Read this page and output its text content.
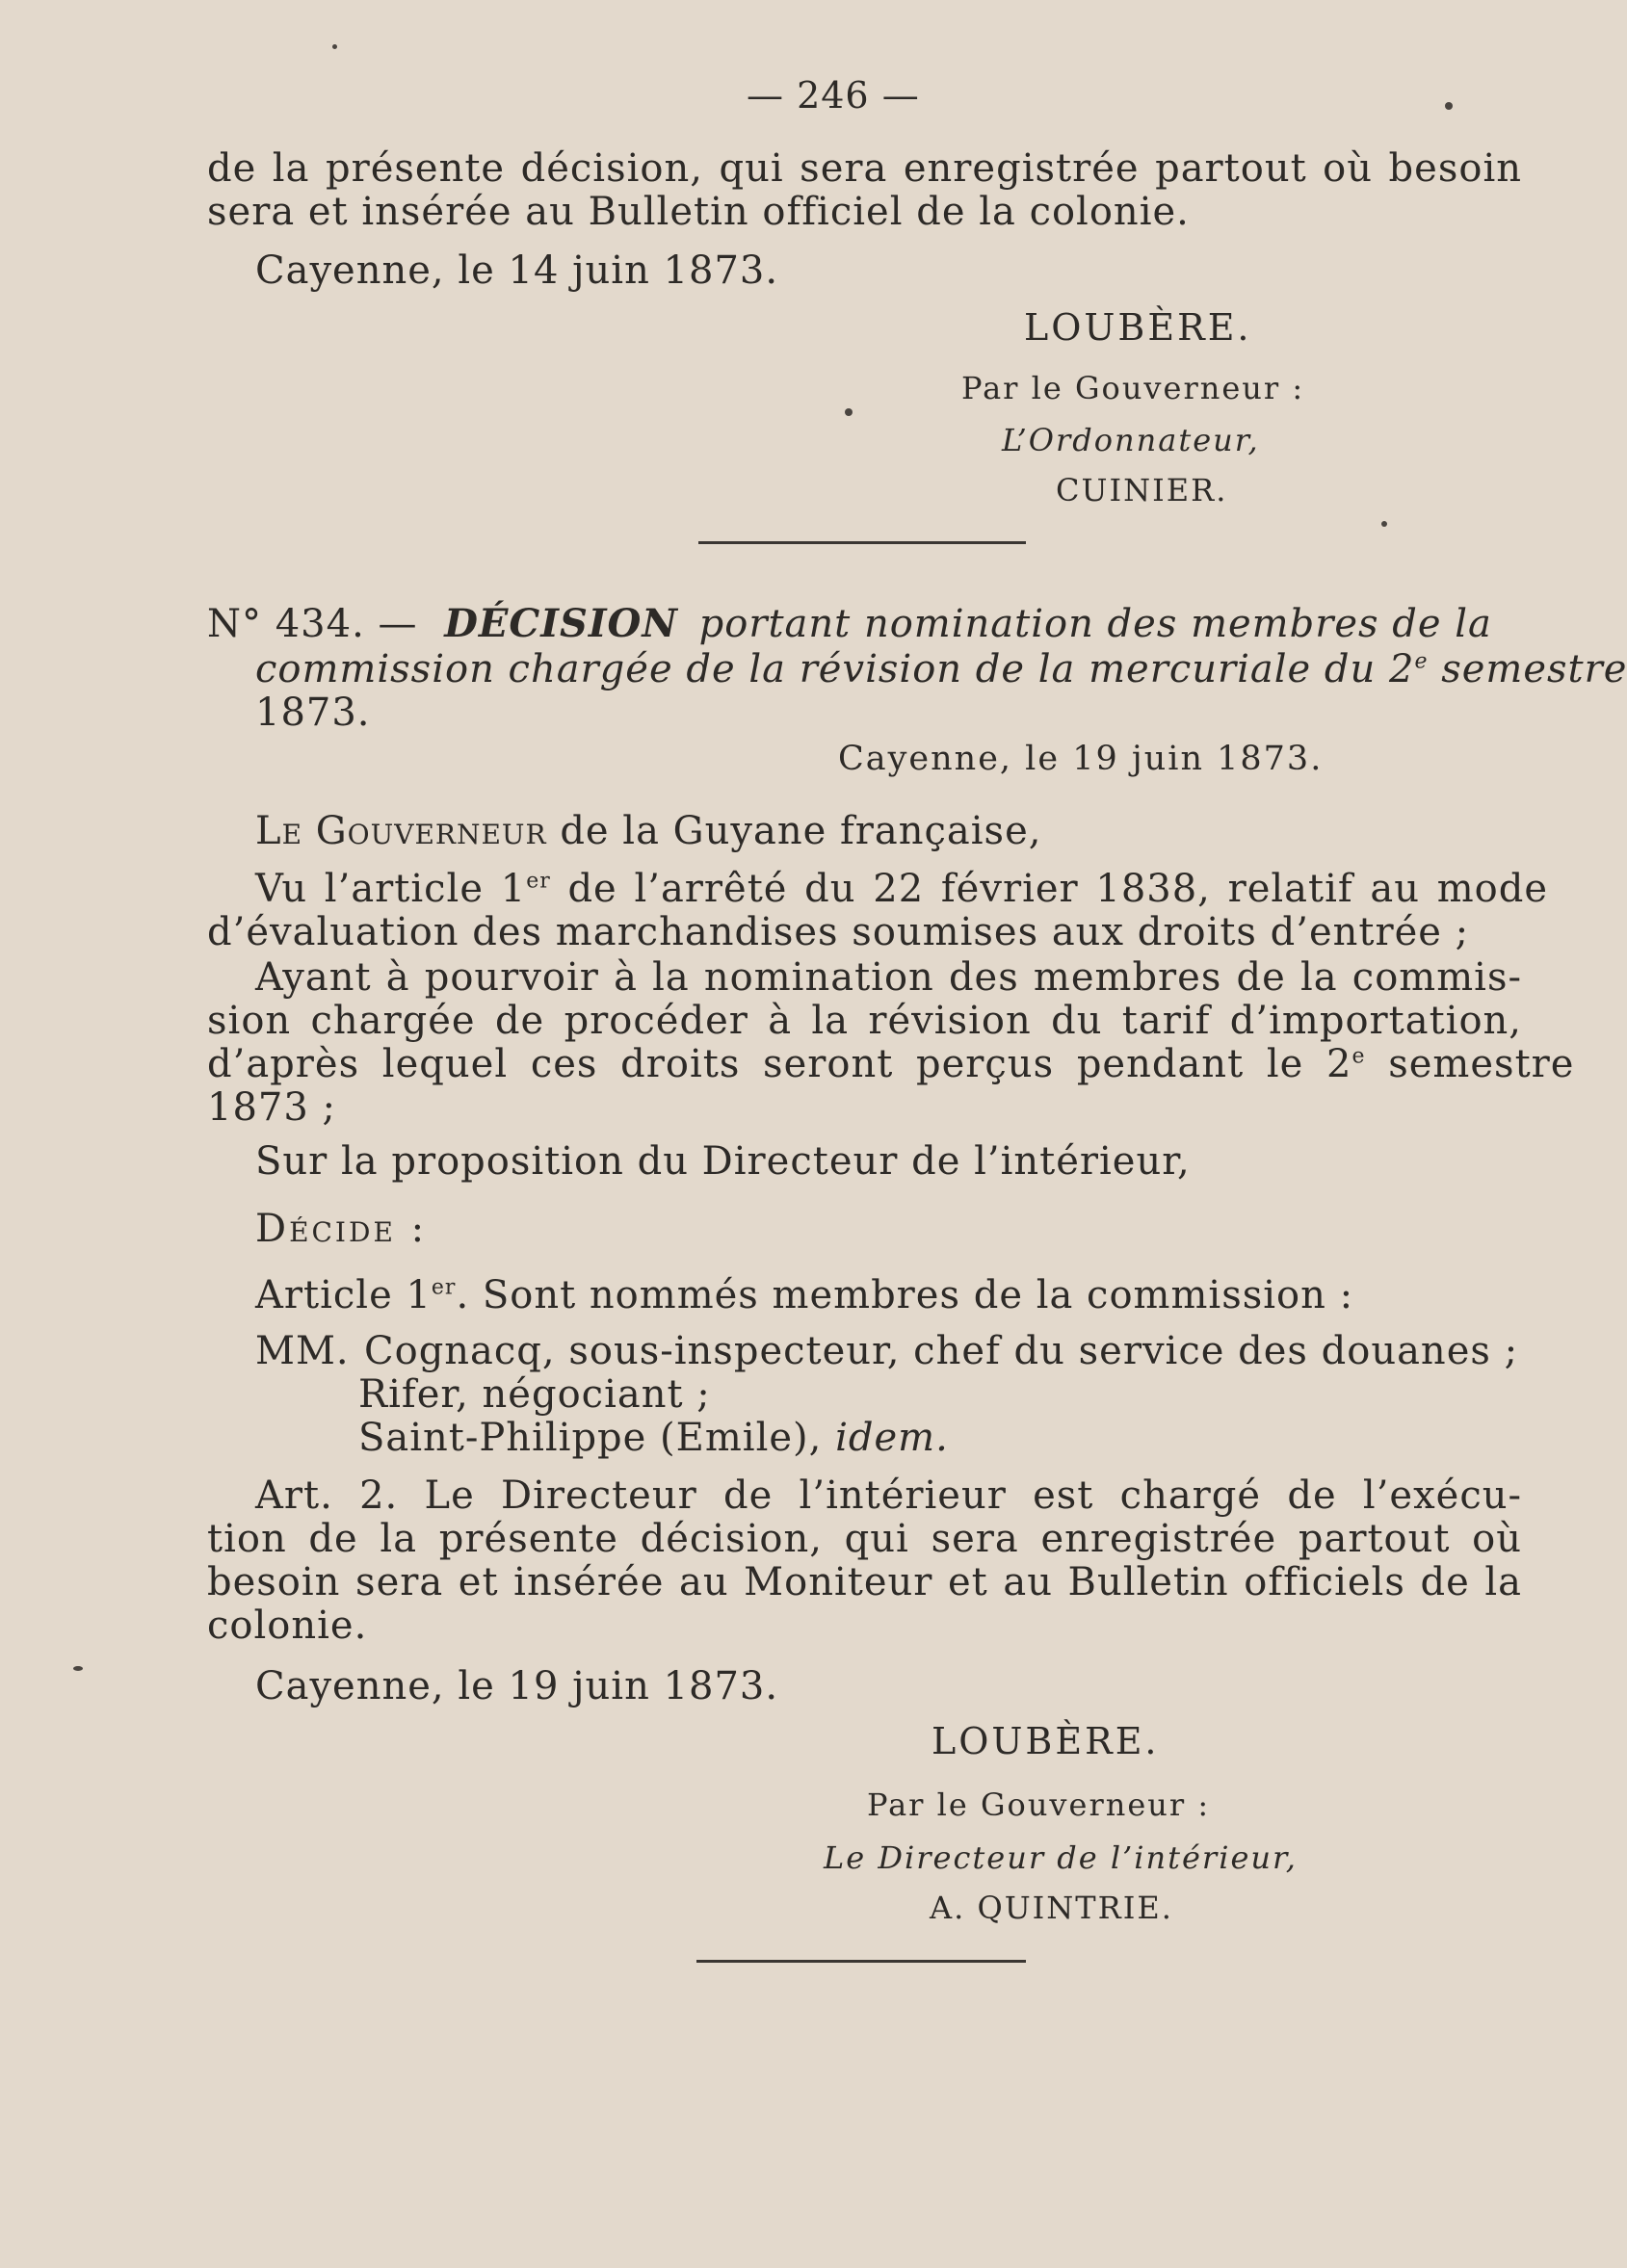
— 246 —
de la présente décision, qui sera enregistrée partout où besoin
sera et insérée au Bulletin officiel de la colonie.
Cayenne, le 14 juin 1873.
LOUBÈRE.
Par le Gouverneur :
L’Ordonnateur,
CUINIER.
N° 434. — DÉCISION portant nomination des membres de la
commission chargée de la révision de la mercuriale du 2e semestre
1873.
Cayenne, le 19 juin 1873.
Le Gouverneur de la Guyane française,
Vu l’article 1er de l’arrêté du 22 février 1838, relatif au mode
d’évaluation des marchandises soumises aux droits d’entrée ;
Ayant à pourvoir à la nomination des membres de la commis-
sion chargée de procéder à la révision du tarif d’importation,
d’après lequel ces droits seront perçus pendant le 2e semestre
1873 ;
Sur la proposition du Directeur de l’intérieur,
Décide :
Article 1er. Sont nommés membres de la commission :
MM. Cognacq, sous-inspecteur, chef du service des douanes ;
Rifer, négociant ;
Saint-Philippe (Emile), idem.
Art. 2. Le Directeur de l’intérieur est chargé de l’exécu-
tion de la présente décision, qui sera enregistrée partout où
besoin sera et insérée au Moniteur et au Bulletin officiels de la
colonie.
Cayenne, le 19 juin 1873.
LOUBÈRE.
Par le Gouverneur :
Le Directeur de l’intérieur,
A. QUINTRIE.
